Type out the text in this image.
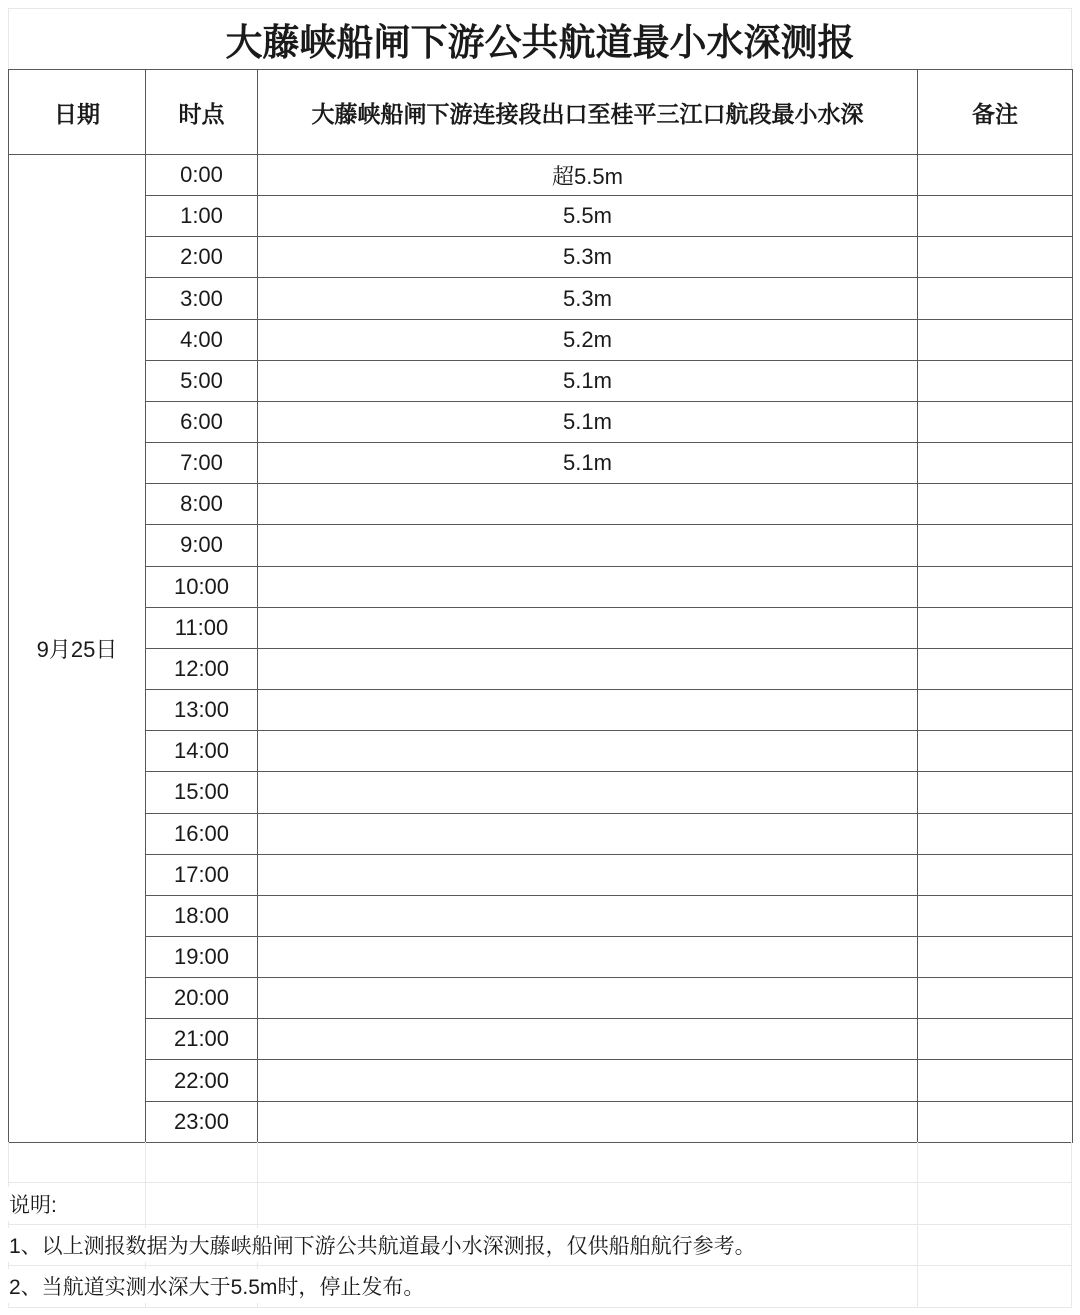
大藤峡船闸下游公共航道最小水深测报
日期	时点	大藤峡船闸下游连接段出口至桂平三江口航段最小水深	备注
9月25日	0:00	超5.5m	
	1:00	5.5m	
	2:00	5.3m	
	3:00	5.3m	
	4:00	5.2m	
	5:00	5.1m	
	6:00	5.1m	
	7:00	5.1m	
	8:00		
	9:00		
	10:00		
	11:00		
	12:00		
	13:00		
	14:00		
	15:00		
	16:00		
	17:00		
	18:00		
	19:00		
	20:00		
	21:00		
	22:00		
	23:00		
说明:
1、以上测报数据为大藤峡船闸下游公共航道最小水深测报，仅供船舶航行参考。
2、当航道实测水深大于5.5m时，停止发布。
